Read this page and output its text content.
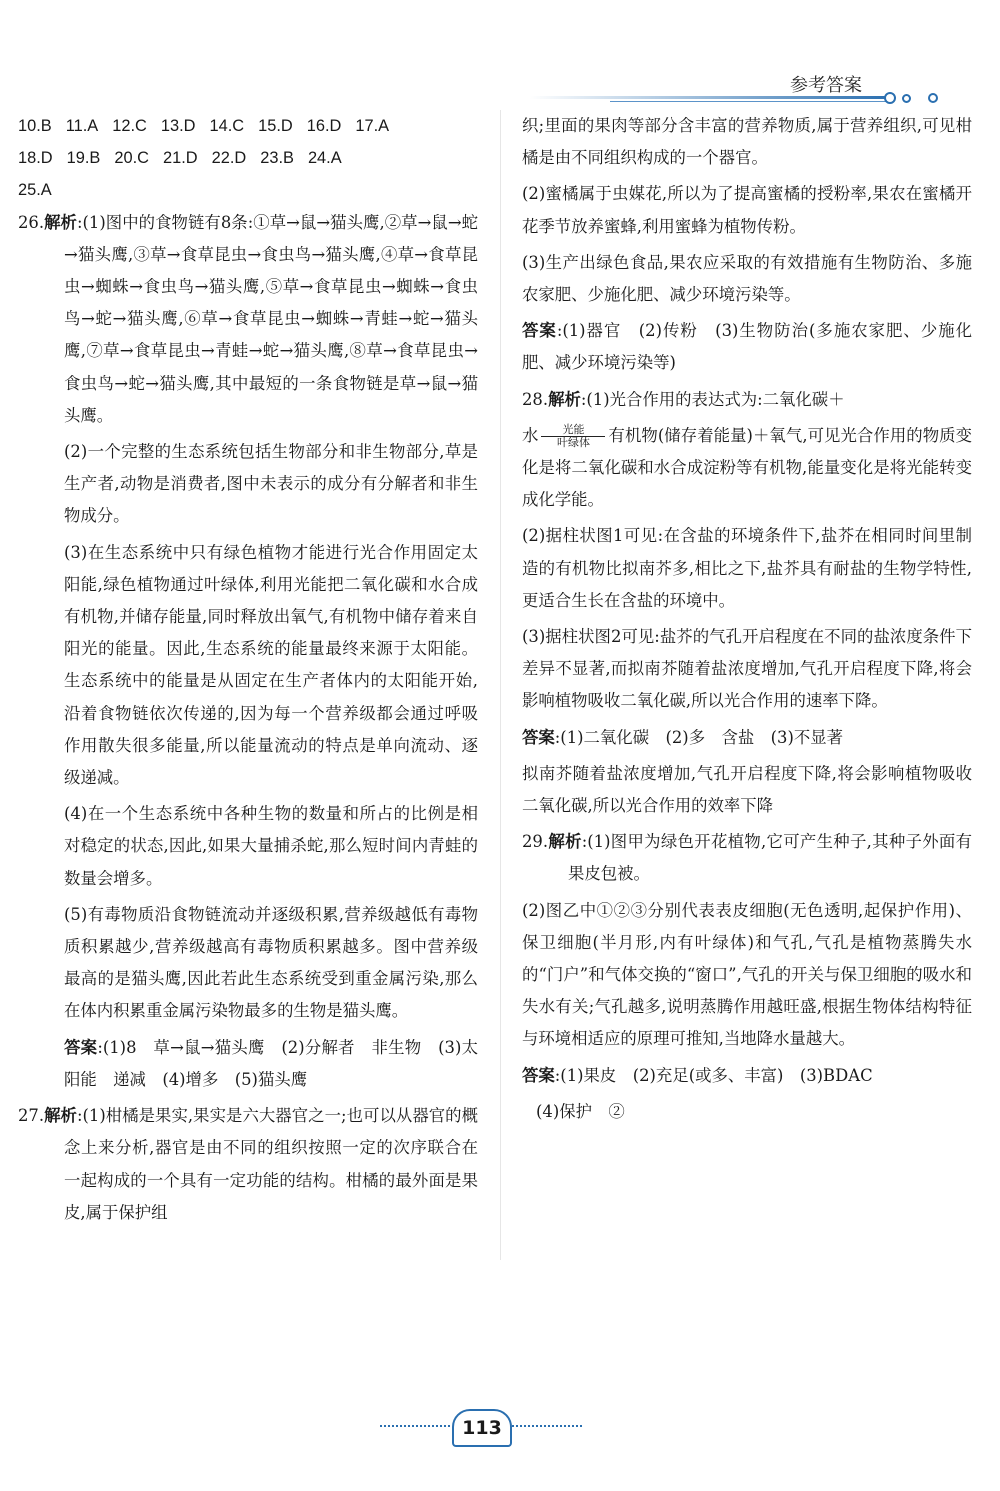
参考答案
10.B 11.A 12.C 13.D 14.C 15.D 16.D 17.A
18.D 19.B 20.C 21.D 22.D 23.B 24.A
25.A

26.解析:(1)图中的食物链有8条:①草→鼠→猫头鹰,②草→鼠→蛇→猫头鹰,③草→食草昆虫→食虫鸟→猫头鹰,④草→食草昆虫→蜘蛛→食虫鸟→猫头鹰,⑤草→食草昆虫→蜘蛛→食虫鸟→蛇→猫头鹰,⑥草→食草昆虫→蜘蛛→青蛙→蛇→猫头鹰,⑦草→食草昆虫→青蛙→蛇→猫头鹰,⑧草→食草昆虫→食虫鸟→蛇→猫头鹰,其中最短的一条食物链是草→鼠→猫头鹰。

(2)一个完整的生态系统包括生物部分和非生物部分,草是生产者,动物是消费者,图中未表示的成分有分解者和非生物成分。

(3)在生态系统中只有绿色植物才能进行光合作用固定太阳能,绿色植物通过叶绿体,利用光能把二氧化碳和水合成有机物,并储存能量,同时释放出氧气,有机物中储存着来自阳光的能量。因此,生态系统的能量最终来源于太阳能。生态系统中的能量是从固定在生产者体内的太阳能开始,沿着食物链依次传递的,因为每一个营养级都会通过呼吸作用散失很多能量,所以能量流动的特点是单向流动、逐级递减。

(4)在一个生态系统中各种生物的数量和所占的比例是相对稳定的状态,因此,如果大量捕杀蛇,那么短时间内青蛙的数量会增多。

(5)有毒物质沿食物链流动并逐级积累,营养级越低有毒物质积累越少,营养级越高有毒物质积累越多。图中营养级最高的是猫头鹰,因此若此生态系统受到重金属污染,那么在体内积累重金属污染物最多的生物是猫头鹰。

答案:(1)8　草→鼠→猫头鹰　(2)分解者　非生物　(3)太阳能　递减　(4)增多　(5)猫头鹰

27.解析:(1)柑橘是果实,果实是六大器官之一;也可以从器官的概念上来分析,器官是由不同的组织按照一定的次序联合在一起构成的一个具有一定功能的结构。柑橘的最外面是果皮,属于保护组

织;里面的果肉等部分含丰富的营养物质,属于营养组织,可见柑橘是由不同组织构成的一个器官。

(2)蜜橘属于虫媒花,所以为了提高蜜橘的授粉率,果农在蜜橘开花季节放养蜜蜂,利用蜜蜂为植物传粉。

(3)生产出绿色食品,果农应采取的有效措施有生物防治、多施农家肥、少施化肥、减少环境污染等。

答案:(1)器官　(2)传粉　(3)生物防治(多施农家肥、少施化肥、减少环境污染等)

28.解析:(1)光合作用的表达式为:二氧化碳＋

水	光能
叶绿体	有机物(储存着能量)＋氧气,可见光合作用的物质变化是将二氧化碳和水合成淀粉等有机物,能量变化是将光能转变成化学能。

(2)据柱状图1可见:在含盐的环境条件下,盐芥在相同时间里制造的有机物比拟南芥多,相比之下,盐芥具有耐盐的生物学特性,更适合生长在含盐的环境中。

(3)据柱状图2可见:盐芥的气孔开启程度在不同的盐浓度条件下差异不显著,而拟南芥随着盐浓度增加,气孔开启程度下降,将会影响植物吸收二氧化碳,所以光合作用的速率下降。

答案:(1)二氧化碳　(2)多　含盐　(3)不显著

拟南芥随着盐浓度增加,气孔开启程度下降,将会影响植物吸收二氧化碳,所以光合作用的效率下降

29.解析:(1)图甲为绿色开花植物,它可产生种子,其种子外面有果皮包被。

(2)图乙中①②③分别代表表皮细胞(无色透明,起保护作用)、保卫细胞(半月形,内有叶绿体)和气孔,气孔是植物蒸腾失水的“门户”和气体交换的“窗口”,气孔的开关与保卫细胞的吸水和失水有关;气孔越多,说明蒸腾作用越旺盛,根据生物体结构特征与环境相适应的原理可推知,当地降水量越大。

答案:(1)果皮　(2)充足(或多、丰富)　(3)BDAC

(4)保护　②

113
